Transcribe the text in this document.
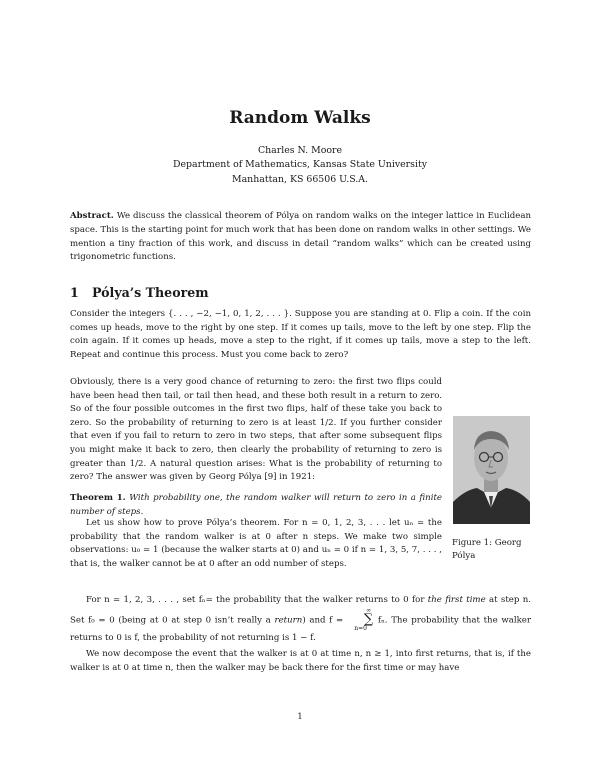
Random Walks
Charles N. Moore
Department of Mathematics, Kansas State University
Manhattan, KS 66506 U.S.A.
Abstract. We discuss the classical theorem of Pólya on random walks on the integer lattice in Euclidean space. This is the starting point for much work that has been done on random walks in other settings. We mention a tiny fraction of this work, and discuss in detail “random walks” which can be created using trigonometric functions.
1 Pólya’s Theorem
Consider the integers {. . . , −2, −1, 0, 1, 2, . . . }. Suppose you are standing at 0. Flip a coin. If the coin comes up heads, move to the right by one step. If it comes up tails, move to the left by one step. Flip the coin again. If it comes up heads, move a step to the right, if it comes up tails, move a step to the left. Repeat and continue this process. Must you come back to zero?
Obviously, there is a very good chance of returning to zero: the first two flips could have been head then tail, or tail then head, and these both result in a return to zero. So of the four possible outcomes in the first two flips, half of these take you back to zero. So the probability of returning to zero is at least 1/2. If you further consider that even if you fail to return to zero in two steps, that after some subsequent flips you might make it back to zero, then clearly the probability of returning to zero is greater than 1/2. A natural question arises: What is the probability of returning to zero? The answer was given by Georg Pólya [9] in 1921:
Theorem 1. With probability one, the random walker will return to zero in a finite number of steps.
Let us show how to prove Pólya’s theorem. For n = 0, 1, 2, 3, . . . let uₙ = the probability that the random walker is at 0 after n steps. We make two simple observations: u₀ = 1 (because the walker starts at 0) and uₙ = 0 if n = 1, 3, 5, 7, . . . , that is, the walker cannot be at 0 after an odd number of steps.
For n = 1, 2, 3, . . . , set fₙ= the probability that the walker returns to 0 for the first time at step n. Set f₀ = 0 (being at 0 at step 0 isn’t really a return) and f = ∞
∑
n=0 fₙ. The probability that the walker returns to 0 is f, the probability of not returning is 1 − f.
We now decompose the event that the walker is at 0 at time n, n ≥ 1, into first returns, that is, if the walker is at 0 at time n, then the walker may be back there for the first time or may have
Figure 1: Georg Pólya
1
